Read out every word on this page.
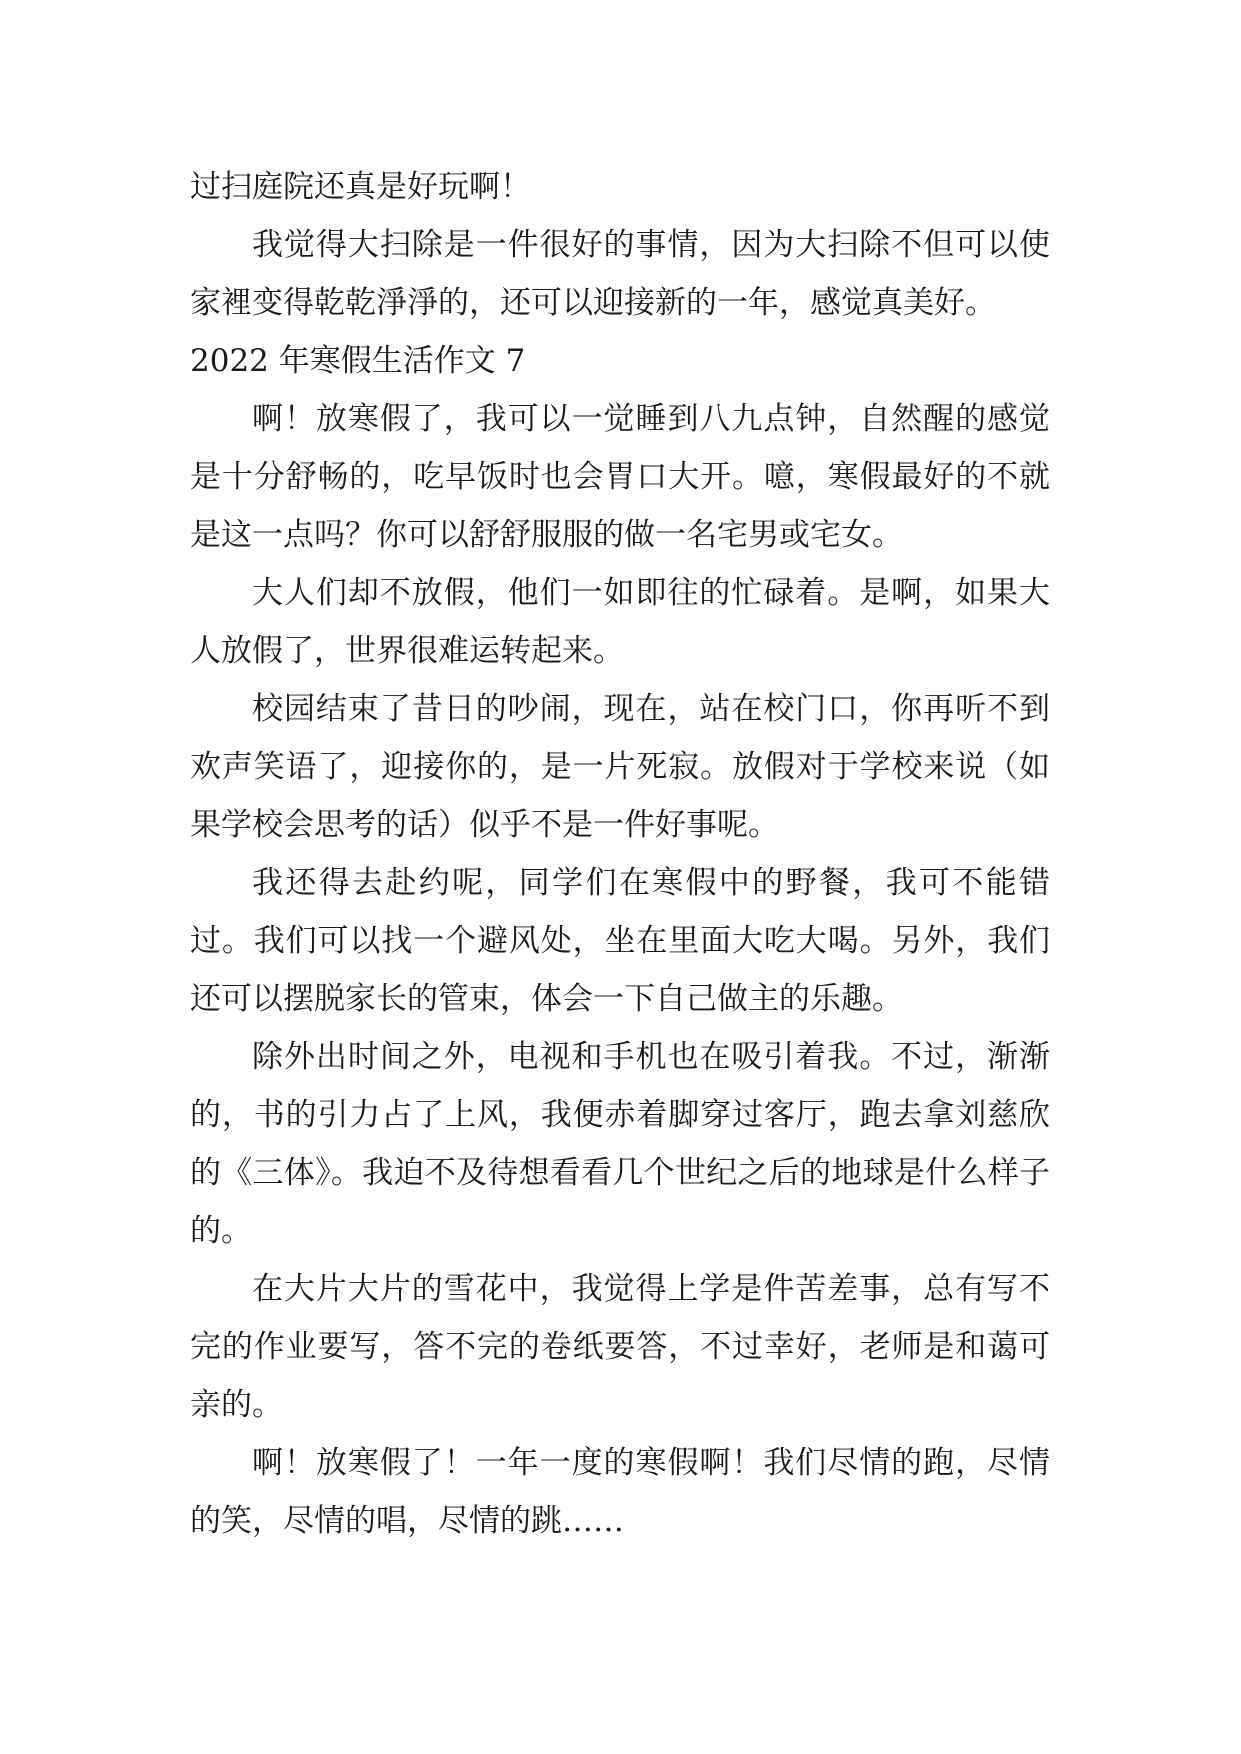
过扫庭院还真是好玩啊！

我觉得大扫除是一件很好的事情，因为大扫除不但可以使家裡变得乾乾淨淨的，还可以迎接新的一年，感觉真美好。

2022 年寒假生活作文 7

啊！放寒假了，我可以一觉睡到八九点钟，自然醒的感觉是十分舒畅的，吃早饭时也会胃口大开。噫，寒假最好的不就是这一点吗？你可以舒舒服服的做一名宅男或宅女。

大人们却不放假，他们一如即往的忙碌着。是啊，如果大人放假了，世界很难运转起来。

校园结束了昔日的吵闹，现在，站在校门口，你再听不到欢声笑语了，迎接你的，是一片死寂。放假对于学校来说（如果学校会思考的话）似乎不是一件好事呢。

我还得去赴约呢，同学们在寒假中的野餐，我可不能错过。我们可以找一个避风处，坐在里面大吃大喝。另外，我们还可以摆脱家长的管束，体会一下自己做主的乐趣。

除外出时间之外，电视和手机也在吸引着我。不过，渐渐的，书的引力占了上风，我便赤着脚穿过客厅，跑去拿刘慈欣的《三体》。我迫不及待想看看几个世纪之后的地球是什么样子的。

在大片大片的雪花中，我觉得上学是件苦差事，总有写不完的作业要写，答不完的卷纸要答，不过幸好，老师是和蔼可亲的。

啊！放寒假了！一年一度的寒假啊！我们尽情的跑，尽情的笑，尽情的唱，尽情的跳……
